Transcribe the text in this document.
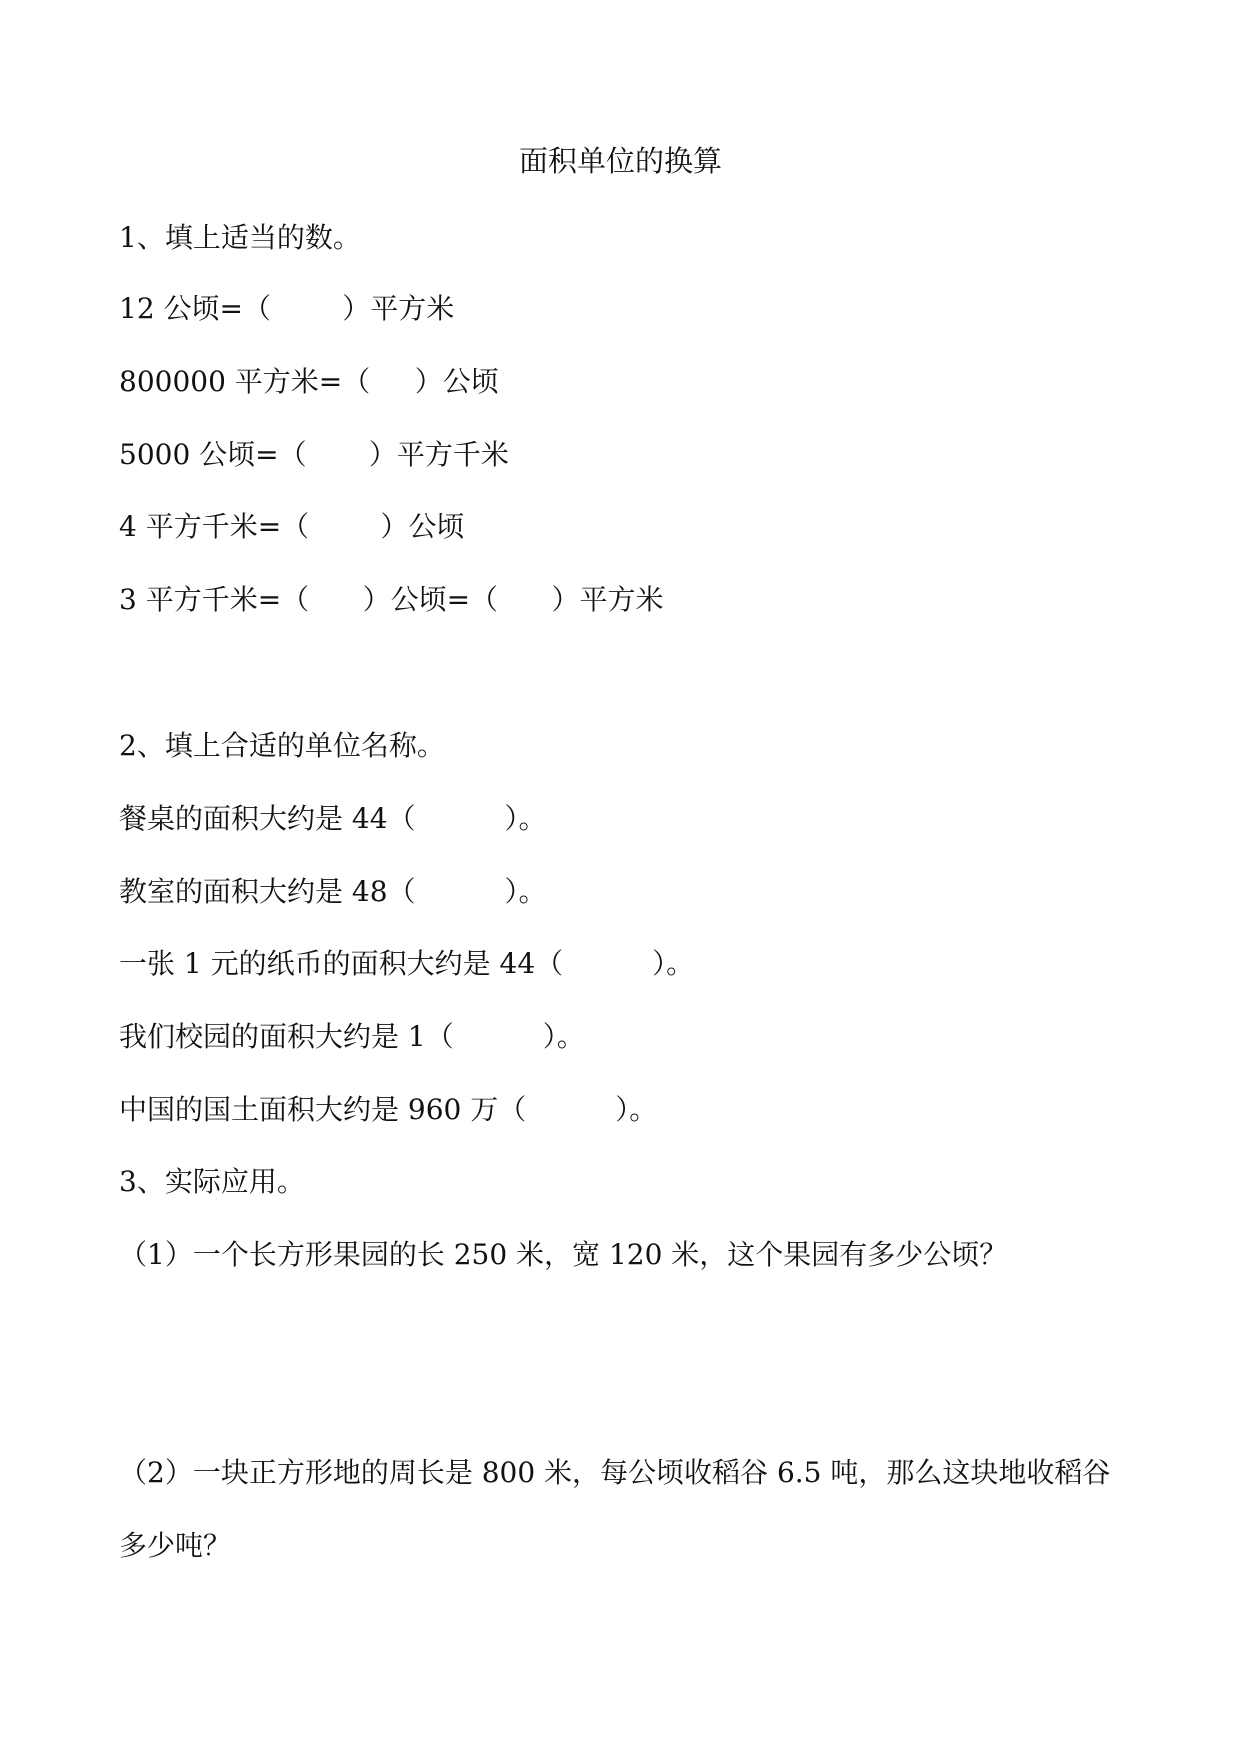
面积单位的换算

1、填上适当的数。

12 公顷=（        ）平方米

800000 平方米=（     ）公顷

5000 公顷=（       ）平方千米

4 平方千米=（        ）公顷

3 平方千米=（      ）公顷=（      ）平方米

2、填上合适的单位名称。

餐桌的面积大约是 44（          ）。

教室的面积大约是 48（          ）。

一张 1 元的纸币的面积大约是 44（          ）。

我们校园的面积大约是 1（          ）。

中国的国土面积大约是 960 万（          ）。

3、实际应用。

（1）一个长方形果园的长 250 米，宽 120 米，这个果园有多少公顷？

（2）一块正方形地的周长是 800 米，每公顷收稻谷 6.5 吨，那么这块地收稻谷

多少吨？
